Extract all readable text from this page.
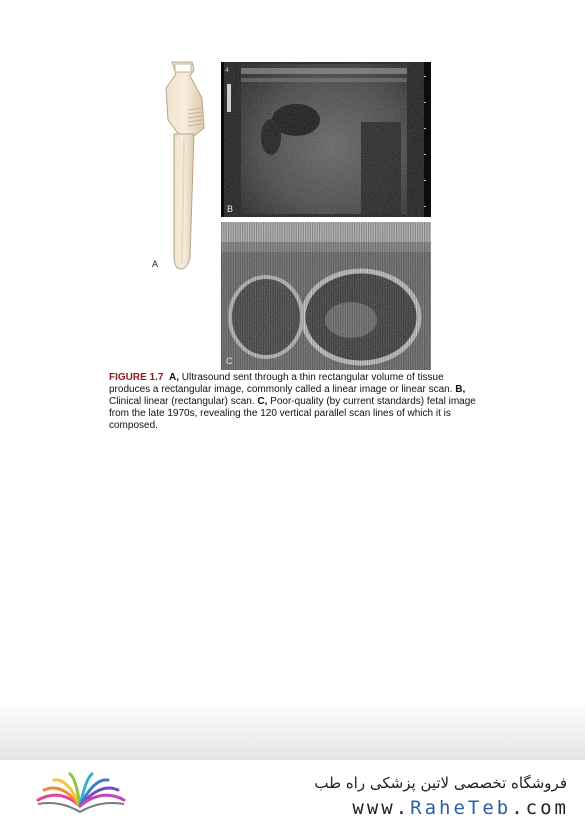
A
4
B
C
FIGURE 1.7 A, Ultrasound sent through a thin rectangular volume of tissue produces a rectangular image, commonly called a linear image or linear scan. B, Clinical linear (rectangular) scan. C, Poor-quality (by current standards) fetal image from the late 1970s, revealing the 120 vertical parallel scan lines of which it is composed.
فروشگاه تخصصی لاتین پزشکی راه طب
www.RaheTeb.com
